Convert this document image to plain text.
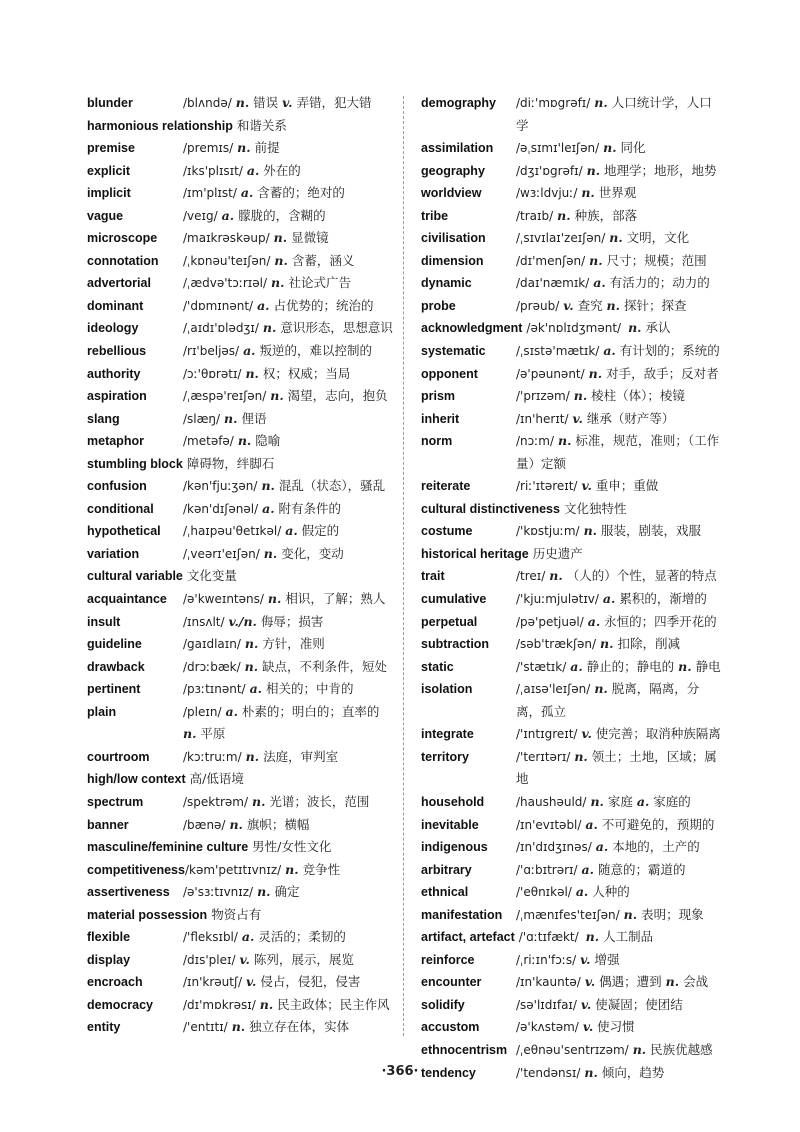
blunder	/blʌndə/ n. 错误 v. 弄错，犯大错
harmonious relationship 和谐关系
premise	/premɪs/ n. 前提
explicit	/ɪks'plɪsɪt/ a. 外在的
implicit	/ɪm'plɪst/ a. 含蓄的；绝对的
vague	/veɪg/ a. 朦胧的，含糊的
microscope	/maɪkrəskəup/ n. 显微镜
connotation	/ˌkɒnəu'teɪʃən/ n. 含蓄，涵义
advertorial	/ˌædvə'tɔːrɪəl/ n. 社论式广告
dominant	/'dɒmɪnənt/ a. 占优势的；统治的
ideology	/ˌaɪdɪ'ɒlədʒɪ/ n. 意识形态，思想意识
rebellious	/rɪ'beljəs/ a. 叛逆的，难以控制的
authority	/ɔː'θɒrətɪ/ n. 权；权威；当局
aspiration	/ˌæspə'reɪʃən/ n. 渴望，志向，抱负
slang	/slæŋ/ n. 俚语
metaphor	/metəfə/ n. 隐喻
stumbling block 障碍物，绊脚石
confusion	/kən'fjuːʒən/ n. 混乱（状态），骚乱
conditional	/kən'dɪʃənəl/ a. 附有条件的
hypothetical	/ˌhaɪpəu'θetɪkəl/ a. 假定的
variation	/ˌveərɪ'eɪʃən/ n. 变化，变动
cultural variable 文化变量
acquaintance	/ə'kweɪntəns/ n. 相识，了解；熟人
insult	/ɪnsʌlt/ v./n. 侮辱；损害
guideline	/gaɪdlaɪn/ n. 方针，准则
drawback	/drɔːbæk/ n. 缺点，不利条件，短处
pertinent	/pɜːtɪnənt/ a. 相关的；中肯的
plain	/pleɪn/ a. 朴素的；明白的；直率的 n. 平原
courtroom	/kɔːtruːm/ n. 法庭，审判室
high/low context 高/低语境
spectrum	/spektrəm/ n. 光谱；波长，范围
banner	/bænə/ n. 旗帜；横幅
masculine/feminine culture 男性/女性文化
competitiveness /kəm'petɪtɪvnɪz/ n. 竞争性
assertiveness	/ə'sɜːtɪvnɪz/ n. 确定
material possession 物资占有
flexible	/'fleksɪbl/ a. 灵活的；柔韧的
display	/dɪs'pleɪ/ v. 陈列，展示，展览
encroach	/ɪn'krəutʃ/ v. 侵占，侵犯，侵害
democracy	/dɪ'mɒkrəsɪ/ n. 民主政体；民主作风
entity	/'entɪtɪ/ n. 独立存在体，实体
demography	/diː'mɒgrəfɪ/ n. 人口统计学，人口学
assimilation	/əˌsɪmɪ'leɪʃən/ n. 同化
geography	/dʒɪ'ɒgrəfɪ/ n. 地理学；地形，地势
worldview	/wɜːldvjuː/ n. 世界观
tribe	/traɪb/ n. 种族，部落
civilisation	/ˌsɪvɪlaɪ'zeɪʃən/ n. 文明，文化
dimension	/dɪ'menʃən/ n. 尺寸；规模；范围
dynamic	/daɪ'næmɪk/ a. 有活力的；动力的
probe	/prəub/ v. 查究 n. 探针；探查
acknowledgment /ək'nɒlɪdʒmənt/ n. 承认
systematic	/ˌsɪstə'mætɪk/ a. 有计划的；系统的
opponent	/ə'pəunənt/ n. 对手，敌手；反对者
prism	/'prɪzəm/ n. 棱柱（体）；棱镜
inherit	/ɪn'herɪt/ v. 继承（财产等）
norm	/nɔːm/ n. 标准，规范，准则；（工作量）定额
reiterate	/riː'ɪtəreɪt/ v. 重申；重做
cultural distinctiveness 文化独特性
costume	/'kɒstjuːm/ n. 服装，剧装，戏服
historical heritage 历史遗产
trait	/treɪ/ n. （人的）个性，显著的特点
cumulative	/'kjuːmjulətɪv/ a. 累积的，渐增的
perpetual	/pə'petjuəl/ a. 永恒的；四季开花的
subtraction	/səb'trækʃən/ n. 扣除，削减
static	/'stætɪk/ a. 静止的；静电的 n. 静电
isolation	/ˌaɪsə'leɪʃən/ n. 脱离，隔离，分离，孤立
integrate	/'ɪntɪgreɪt/ v. 使完善；取消种族隔离
territory	/'terɪtərɪ/ n. 领土；土地，区域；属地
household	/haushəuld/ n. 家庭 a. 家庭的
inevitable	/ɪn'evɪtəbl/ a. 不可避免的，预期的
indigenous	/ɪn'dɪdʒɪnəs/ a. 本地的，土产的
arbitrary	/'ɑːbɪtrərɪ/ a. 随意的；霸道的
ethnical	/'eθnɪkəl/ a. 人种的
manifestation	/ˌmænɪfes'teɪʃən/ n. 表明；现象
artifact, artefact /'ɑːtɪfækt/ n. 人工制品
reinforce	/ˌriːɪn'fɔːs/ v. 增强
encounter	/ɪn'kauntə/ v. 偶遇；遭到 n. 会战
solidify	/sə'lɪdɪfaɪ/ v. 使凝固；使团结
accustom	/ə'kʌstəm/ v. 使习惯
ethnocentrism /ˌeθnəu'sentrɪzəm/ n. 民族优越感
tendency	/'tendənsɪ/ n. 倾向，趋势
·366·
